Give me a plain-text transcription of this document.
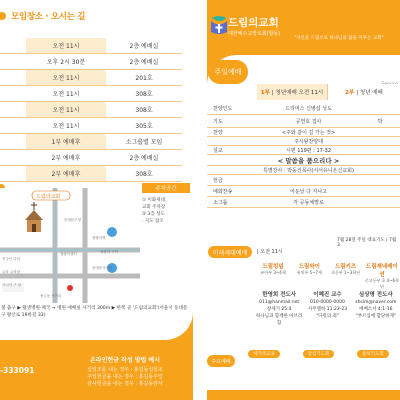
모임장소 · 오시는 길
오전 11시	2층 예배실
오후 2시 30분	2층 예배실
오전 11시	201호
오전 11시	308호
오전 11시	308호
오전 11시	305호
1부 예배후	소그룹별 모임
2부 예배후	2층 예배실
2부 예배후	308호
드림의교회
동대문구청
청량리역
진주인 다리
주차 주차장
시니사 구 장
용두동 사거리
동대문사거리
청량리 구역
청량리센터
주차공간
① 이화세대
교회 주차장
② 3층 성도
· 지도 참조
철 출구 ▶ 왕생병원·폐국 → 병원 예배실 사거리 300m ▶ 한쪽 골 '드림의교회'(서울시 동대문구 왕산로 19바길 33)
-333091
온라인헌금 작성 방법 예시
십일조를 내는 경우 : 홍길동십일조
주일헌금을 내는 경우 : 홍길동주일
감사헌금을 내는 경우 : 홍길동감사
드림의교회
대한예수교장로회(합동)
"자신을 드림으로 하나님의 꿈을 이루는 교회"
주일예배
1부 | 청년예배 오전 11시	2부 | 청년 예배
찬양인도	드리머스 신병섭 성도
기도	공연호 집사	박
찬양	<주와 같이 길 가는 것>
주시왕찬양대
설교	시편 119편 : 17-32
< 말씀을 품으리다 >
특별강사 : 박동진목사(서서유니온신교회)
헌금
예화찬송	어둔날 다 지나고
소그룹	각 공동체별로
7월 28일 주일 대표기도 | 7월 3
미래세대예배	| 오전 11시
드림킹덤
유아부 3~4세
드림와이
유치부 5~7세
드림키즈
초등부 1~3학년
드림제네레이션
중고등부 초 4~6학년
한영희 전도사
011@hanmail.net
창세기 25:4
하나님과 함께한 아브라함
이혜진 교수
010-0000-0000
사무엘하 11:23-23
"다윗의 죄"
심상명 전도사
shsim@naver.com
에베소서 4:1-16
"부르심에 합당하게"
주요예배
새가족교육	암심기도회	중보기도회
